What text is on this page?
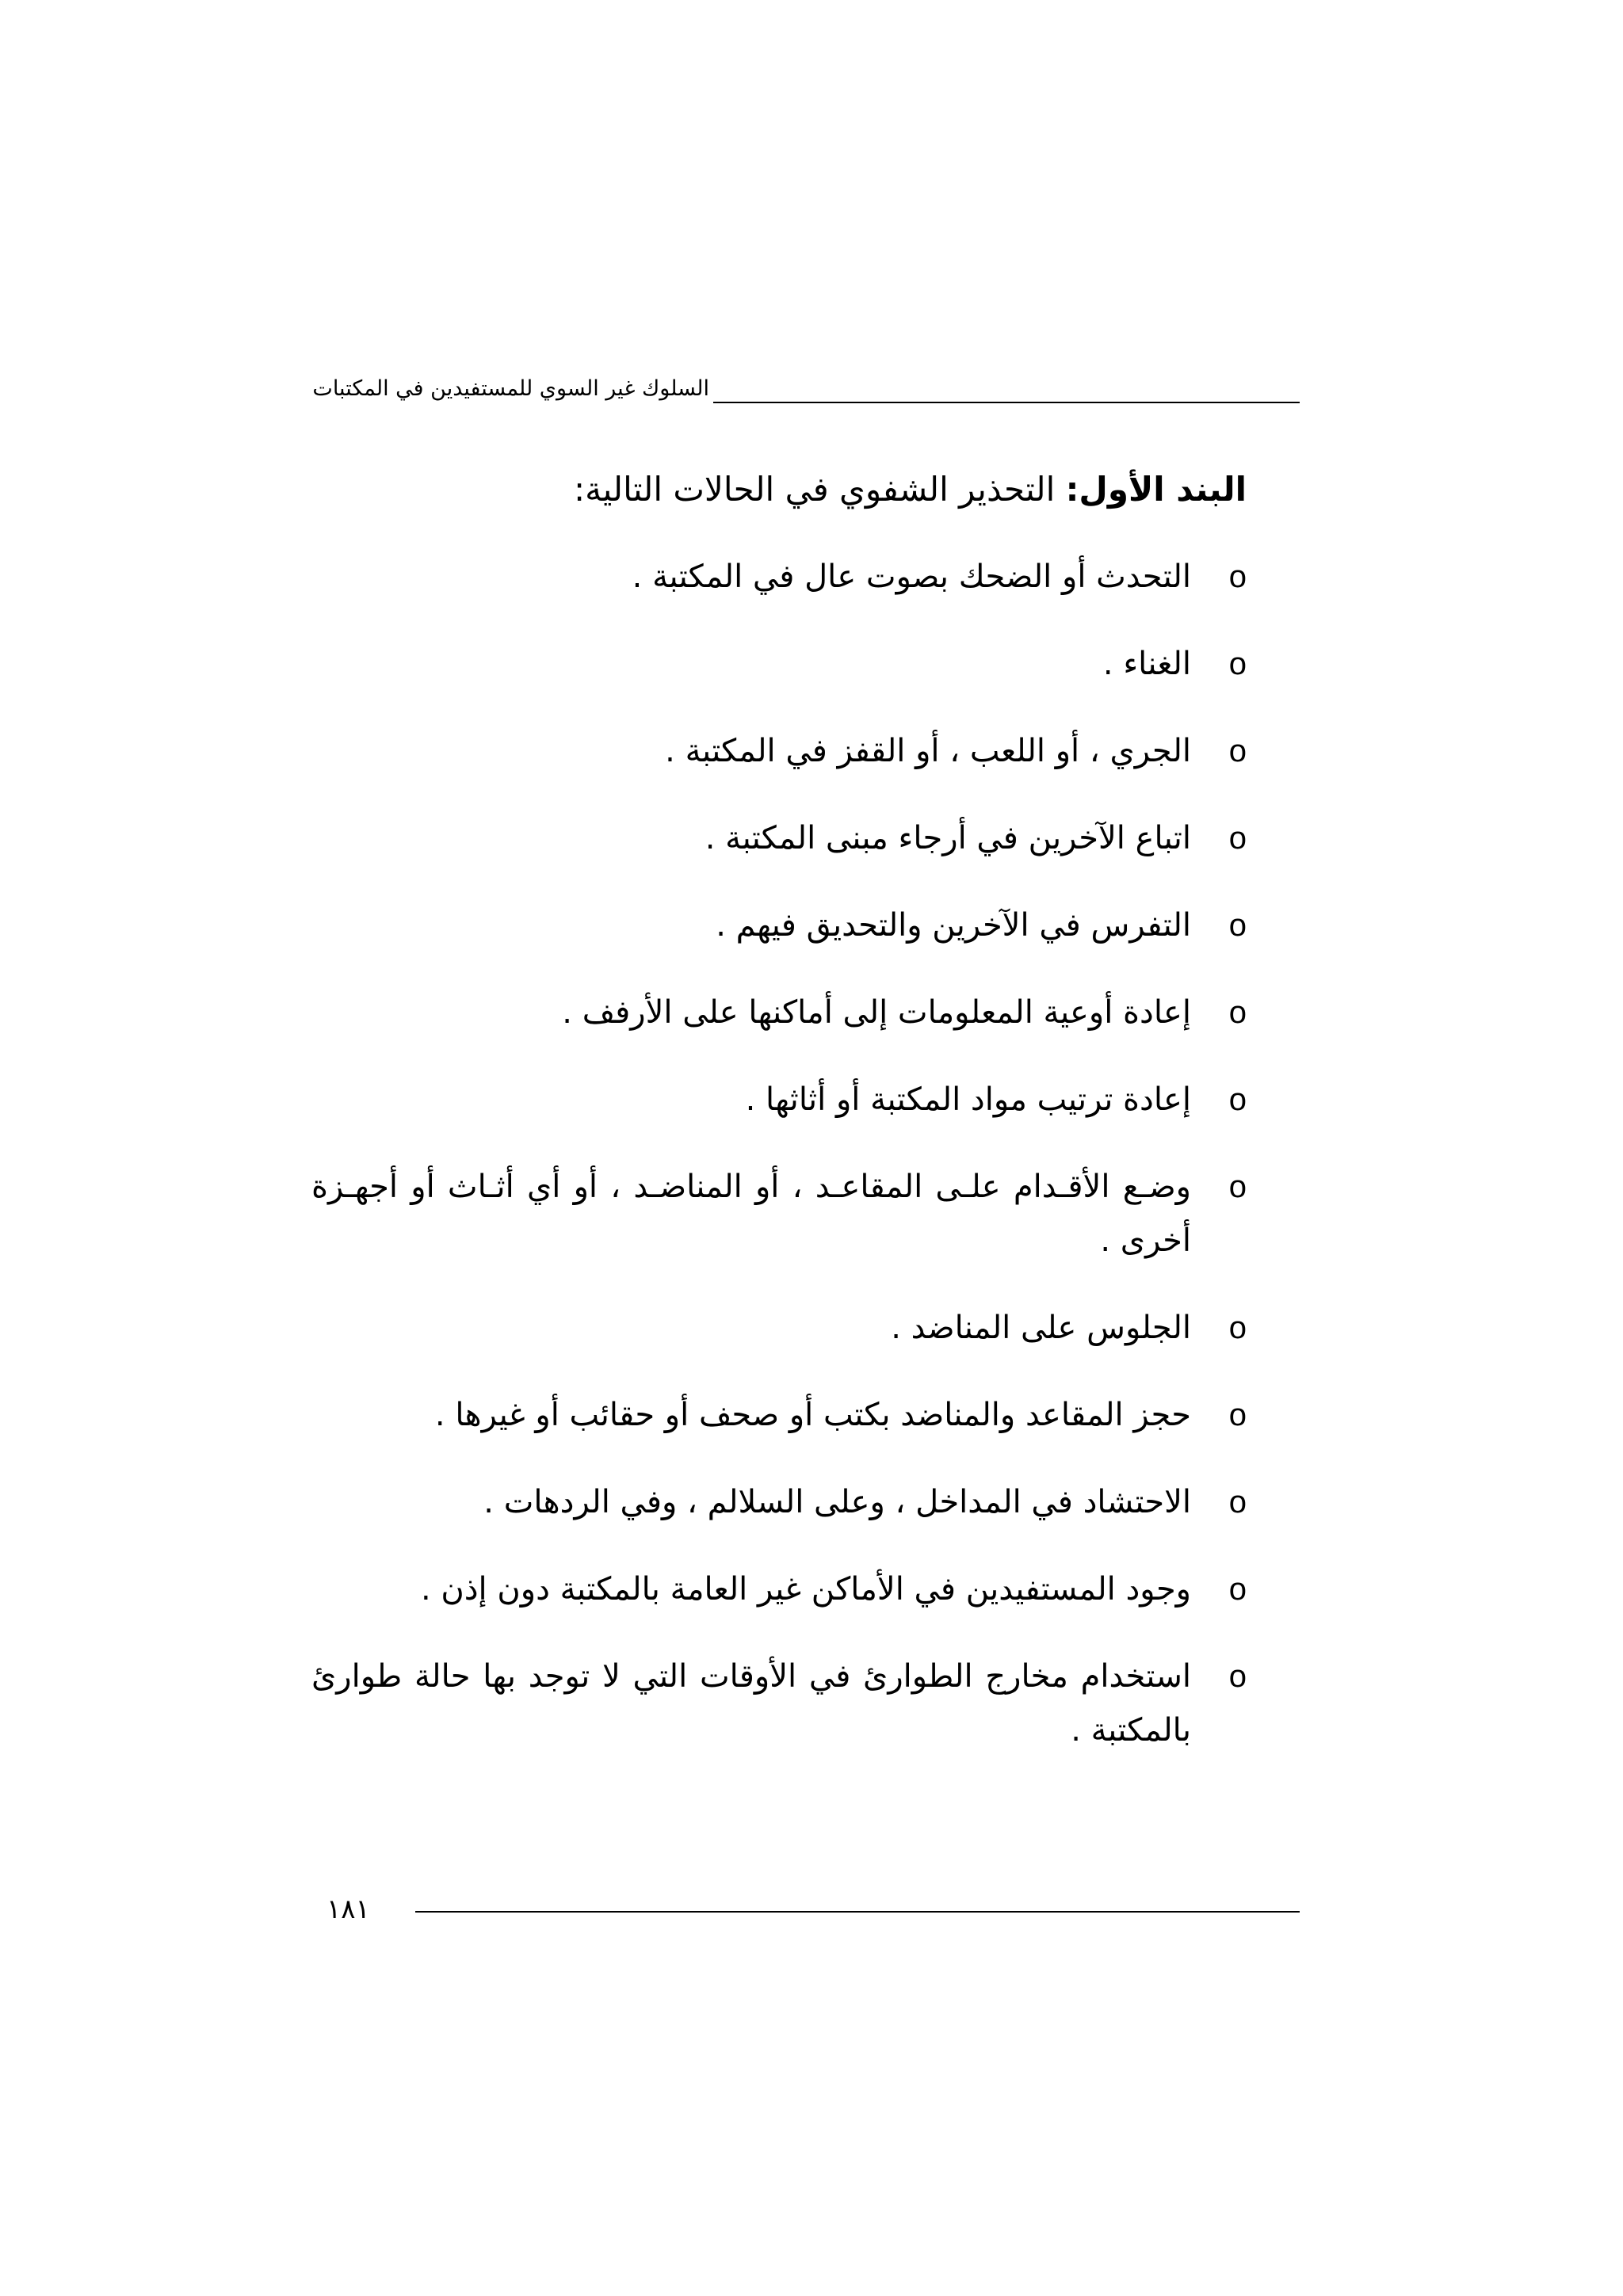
السلوك غير السوي للمستفيدين في المكتبات
البند الأول: التحذير الشفوي في الحالات التالية:
o
التحدث أو الضحك بصوت عال في المكتبة .
o
الغناء .
o
الجري ، أو اللعب ، أو القفز في المكتبة .
o
اتباع الآخرين في أرجاء مبنى المكتبة .
o
التفرس في الآخرين والتحديق فيهم .
o
إعادة أوعية المعلومات إلى أماكنها على الأرفف .
o
إعادة ترتيب مواد المكتبة أو أثاثها .
o
وضـع الأقـدام علـى المقاعـد ، أو المناضـد ، أو أي أثـاث أو أجهـزة أخرى .
o
الجلوس على المناضد .
o
حجز المقاعد والمناضد بكتب أو صحف أو حقائب أو غيرها .
o
الاحتشاد في المداخل ، وعلى السلالم ، وفي الردهات .
o
وجود المستفيدين في الأماكن غير العامة بالمكتبة دون إذن .
o
استخدام مخارج الطوارئ في الأوقات التي لا توجد بها حالة طوارئ بالمكتبة .
١٨١
